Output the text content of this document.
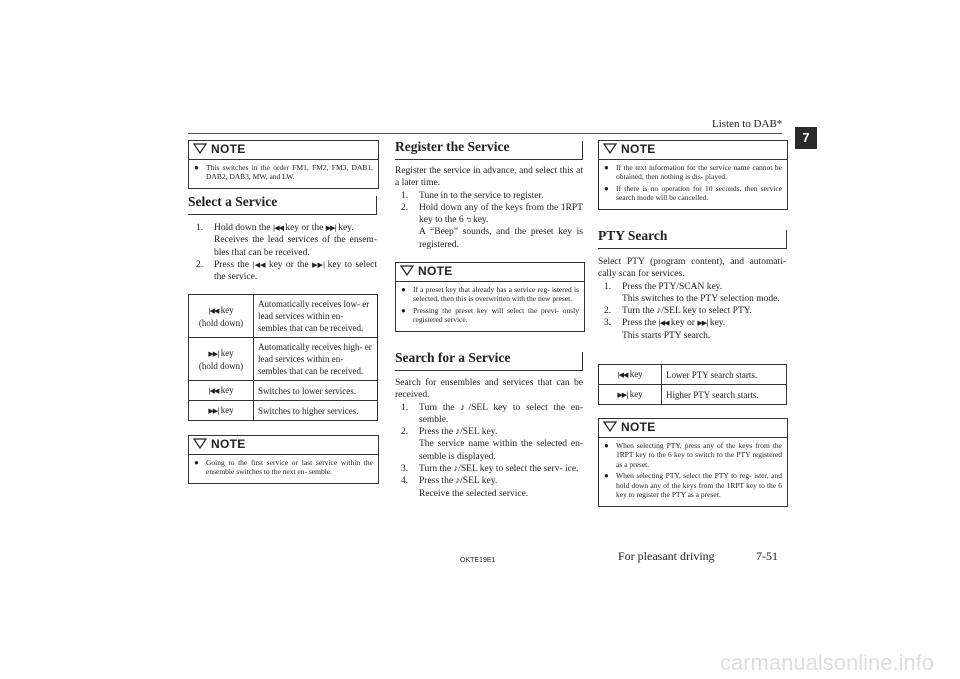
Listen to DAB*
7
NOTE
● This switches in the order FM1, FM2, FM3, DAB1, DAB2, DAB3, MW, and LW.
Select a Service
1.	Hold down the |◀◀ key or the ▶▶| key.
Receives the lead services of the ensem- bles that can be received.
2.	Press the |◀◀ key or the ▶▶| key to select the service.
|◀◀ key
(hold down)	Automatically receives low- er lead services within en- sembles that can be received.
▶▶| key
(hold down)	Automatically receives high- er lead services within en- sembles that can be received.
|◀◀ key	Switches to lower services.
▶▶| key	Switches to higher services.
NOTE
● Going to the first service or last service within the ensemble switches to the next en- semble.
Register the Service
Register the service in advance, and select this at a later time.
1.	Tune in to the service to register.
2.	Hold down any of the keys from the 1RPT key to the 6 ⮌ key.
A “Beep” sounds, and the preset key is registered.
NOTE
● If a preset key that already has a service reg- istered is selected, then this is overwritten with the new preset.
● Pressing the preset key will select the previ- ously registered service.
Search for a Service
Search for ensembles and services that can be received.
1.	Turn the ♪/SEL key to select the en- semble.
2.	Press the ♪/SEL key.
The service name within the selected en- semble is displayed.
3.	Turn the ♪/SEL key to select the serv- ice.
4.	Press the ♪/SEL key.
Receive the selected service.
NOTE
● If the text information for the service name cannot be obtained, then nothing is dis- played.
● If there is no operation for 10 seconds, then service search mode will be cancelled.
PTY Search
Select PTY (program content), and automati- cally scan for services.
1.	Press the PTY/SCAN key.
This switches to the PTY selection mode.
2.	Turn the ♪/SEL key to select PTY.
3.	Press the |◀◀ key or ▶▶| key.
This starts PTY search.
|◀◀ key	Lower PTY search starts.
▶▶| key	Higher PTY search starts.
NOTE
● When selecting PTY, press any of the keys from the 1RPT key to the 6 key to switch to the PTY registered as a preset.
● When selecting PTY, select the PTY to reg- ister, and hold down any of the keys from the 1RPT key to the 6 key to register the PTY as a preset.
OKTE19E1	For pleasant driving	7-51
carmanualsonline.info
